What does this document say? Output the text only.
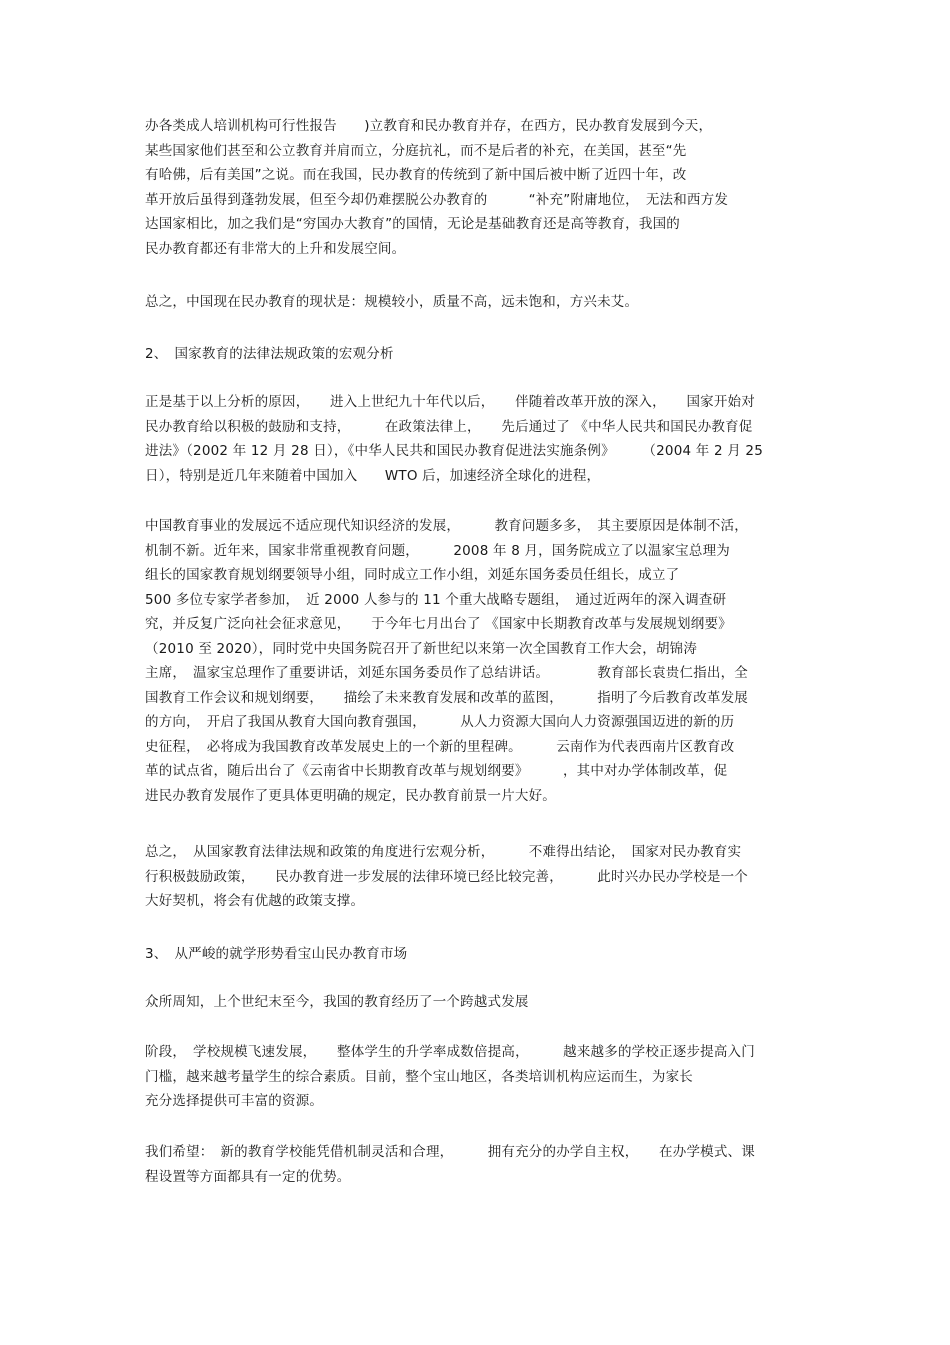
办各类成人培训机构可行性报告　　)立教育和民办教育并存，在西方，民办教育发展到今天，
某些国家他们甚至和公立教育并肩而立，分庭抗礼，而不是后者的补充，在美国，甚至“先
有哈佛，后有美国”之说。而在我国，民办教育的传统到了新中国后被中断了近四十年，改
革开放后虽得到蓬勃发展，但至今却仍难摆脱公办教育的　　　“补充”附庸地位，　无法和西方发
达国家相比，加之我们是“穷国办大教育”的国情，无论是基础教育还是高等教育，我国的
民办教育都还有非常大的上升和发展空间。
总之，中国现在民办教育的现状是：规模较小，质量不高，远未饱和，方兴未艾。
2、　国家教育的法律法规政策的宏观分析
正是基于以上分析的原因，　　进入上世纪九十年代以后，　　伴随着改革开放的深入，　　国家开始对
民办教育给以积极的鼓励和支持，　　　在政策法律上，　　先后通过了 《中华人民共和国民办教育促
进法》（2002 年 12 月 28 日），《中华人民共和国民办教育促进法实施条例》　　　（2004 年 2 月 25
日），特别是近几年来随着中国加入　　WTO 后，加速经济全球化的进程，
中国教育事业的发展远不适应现代知识经济的发展，　　　教育问题多多，　其主要原因是体制不活，
机制不新。近年来，国家非常重视教育问题，　　　2008 年 8 月，国务院成立了以温家宝总理为
组长的国家教育规划纲要领导小组，同时成立工作小组，刘延东国务委员任组长，成立了
500 多位专家学者参加，　近 2000 人参与的 11 个重大战略专题组，　通过近两年的深入调查研
究，并反复广泛向社会征求意见，　　于今年七月出台了 《国家中长期教育改革与发展规划纲要》
（2010 至 2020），同时党中央国务院召开了新世纪以来第一次全国教育工作大会，胡锦涛
主席，　温家宝总理作了重要讲话，刘延东国务委员作了总结讲话。　　　　教育部长袁贵仁指出，全
国教育工作会议和规划纲要，　　描绘了未来教育发展和改革的蓝图，　　　指明了今后教育改革发展
的方向，　开启了我国从教育大国向教育强国，　　　从人力资源大国向人力资源强国迈进的新的历
史征程，　必将成为我国教育改革发展史上的一个新的里程碑。　　　云南作为代表西南片区教育改
革的试点省，随后出台了《云南省中长期教育改革与规划纲要》　　　，其中对办学体制改革，促
进民办教育发展作了更具体更明确的规定，民办教育前景一片大好。
总之，　从国家教育法律法规和政策的角度进行宏观分析，　　　不难得出结论，　国家对民办教育实
行积极鼓励政策，　　民办教育进一步发展的法律环境已经比较完善，　　　此时兴办民办学校是一个
大好契机，将会有优越的政策支撑。
3、　从严峻的就学形势看宝山民办教育市场
众所周知，上个世纪末至今，我国的教育经历了一个跨越式发展
阶段，　学校规模飞速发展，　　整体学生的升学率成数倍提高，　　　越来越多的学校正逐步提高入门
门槛，越来越考量学生的综合素质。目前，整个宝山地区，各类培训机构应运而生，为家长
充分选择提供可丰富的资源。
我们希望：　新的教育学校能凭借机制灵活和合理，　　　拥有充分的办学自主权，　　在办学模式、课
程设置等方面都具有一定的优势。
